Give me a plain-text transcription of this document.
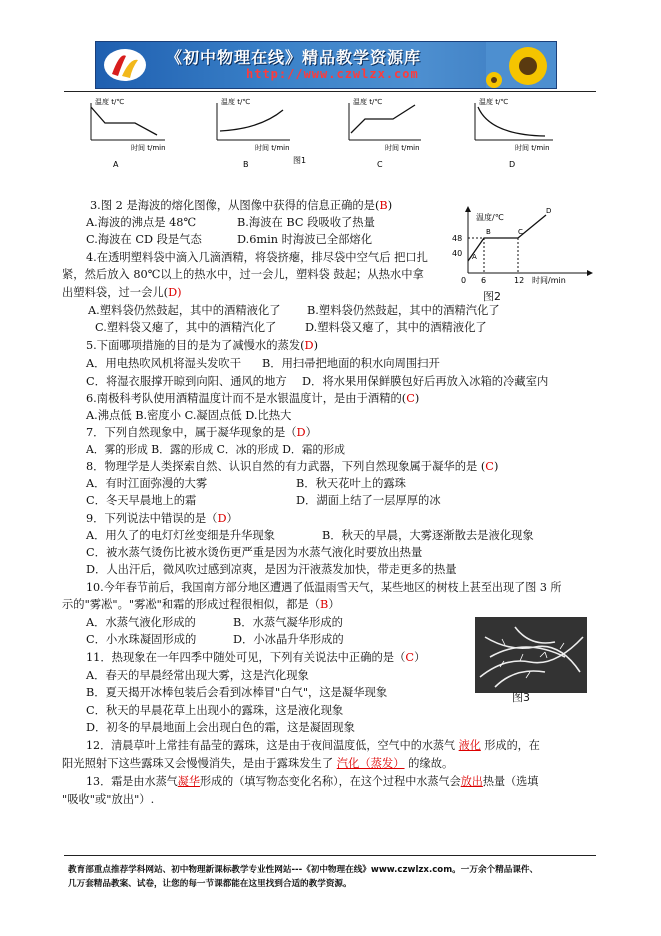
《初中物理在线》精品教学资源库
http://www.czwlzx.com
温度 t/℃
时间 t/min
A
温度 t/℃
时间 t/min
B
温度 t/℃
时间 t/min
C
温度 t/℃
时间 t/min
D
图1
温度/℃
48
40
0 6	12 时间/min
A
B	C
D
图2
3.图 2 是海波的熔化图像，从图像中获得的信息正确的是(B)
A.海波的沸点是 48℃	B.海波在 BC 段吸收了热量
C.海波在 CD 段是气态	D.6min 时海波已全部熔化
4.在透明塑料袋中滴入几滴酒精，将袋挤瘪，排尽袋中空气后 把口扎
紧，然后放入 80℃以上的热水中，过一会儿，塑料袋 鼓起；从热水中拿
出塑料袋，过一会儿(D)
A.塑料袋仍然鼓起，其中的酒精液化了 B.塑料袋仍然鼓起，其中的酒精汽化了
C.塑料袋又瘪了，其中的酒精汽化了	D.塑料袋又瘪了，其中的酒精液化了
5.下面哪项措施的目的是为了减慢水的蒸发(D)
A．用电热吹风机将湿头发吹干 B．用扫帚把地面的积水向周围扫开
C．将湿衣服撑开晾到向阳、通风的地方 D．将水果用保鲜膜包好后再放入冰箱的冷藏室内
6.南极科考队使用酒精温度计而不是水银温度计，是由于酒精的(C)
A.沸点低 B.密度小 C.凝固点低 D.比热大
7．下列自然现象中，属于凝华现象的是（D）
A．雾的形成 B．露的形成 C．冰的形成 D．霜的形成
8．物理学是人类探索自然、认识自然的有力武器，下列自然现象属于凝华的是 (C)
A．有时江面弥漫的大雾	B．秋天花叶上的露珠
C．冬天早晨地上的霜	D．湖面上结了一层厚厚的冰
9．下列说法中错误的是（D）
A．用久了的电灯灯丝变细是升华现象	B．秋天的早晨，大雾逐渐散去是液化现象
C．被水蒸气烫伤比被水烫伤更严重是因为水蒸气液化时要放出热量
D．人出汗后，微风吹过感到凉爽，是因为汗液蒸发加快，带走更多的热量
10.今年春节前后，我国南方部分地区遭遇了低温雨雪天气，某些地区的树枝上甚至出现了图 3 所
示的"雾凇"。"雾凇"和霜的形成过程很相似，都是（B）
A．水蒸气液化形成的	B．水蒸气凝华形成的
C．小水珠凝固形成的	D．小冰晶升华形成的
图3
11．热现象在一年四季中随处可见，下列有关说法中正确的是（C）
A．春天的早晨经常出现大雾，这是汽化现象
B．夏天揭开冰棒包装后会看到冰棒冒"白气"，这是凝华现象
C．秋天的早晨花草上出现小的露珠，这是液化现象
D．初冬的早晨地面上会出现白色的霜，这是凝固现象
12．清晨草叶上常挂有晶莹的露珠，这是由于夜间温度低，空气中的水蒸气 液化 形成的，在
阳光照射下这些露珠又会慢慢消失，是由于露珠发生了 汽化（蒸发） 的缘故。
13．霜是由水蒸气凝华形成的（填写物态变化名称），在这个过程中水蒸气会放出热量（选填
"吸收"或"放出"）.
教育部重点推荐学科网站、初中物理新课标教学专业性网站---《初中物理在线》www.czwlzx.com。一万余个精品课件、
几万套精品教案、试卷，让您的每一节课都能在这里找到合适的教学资源。
